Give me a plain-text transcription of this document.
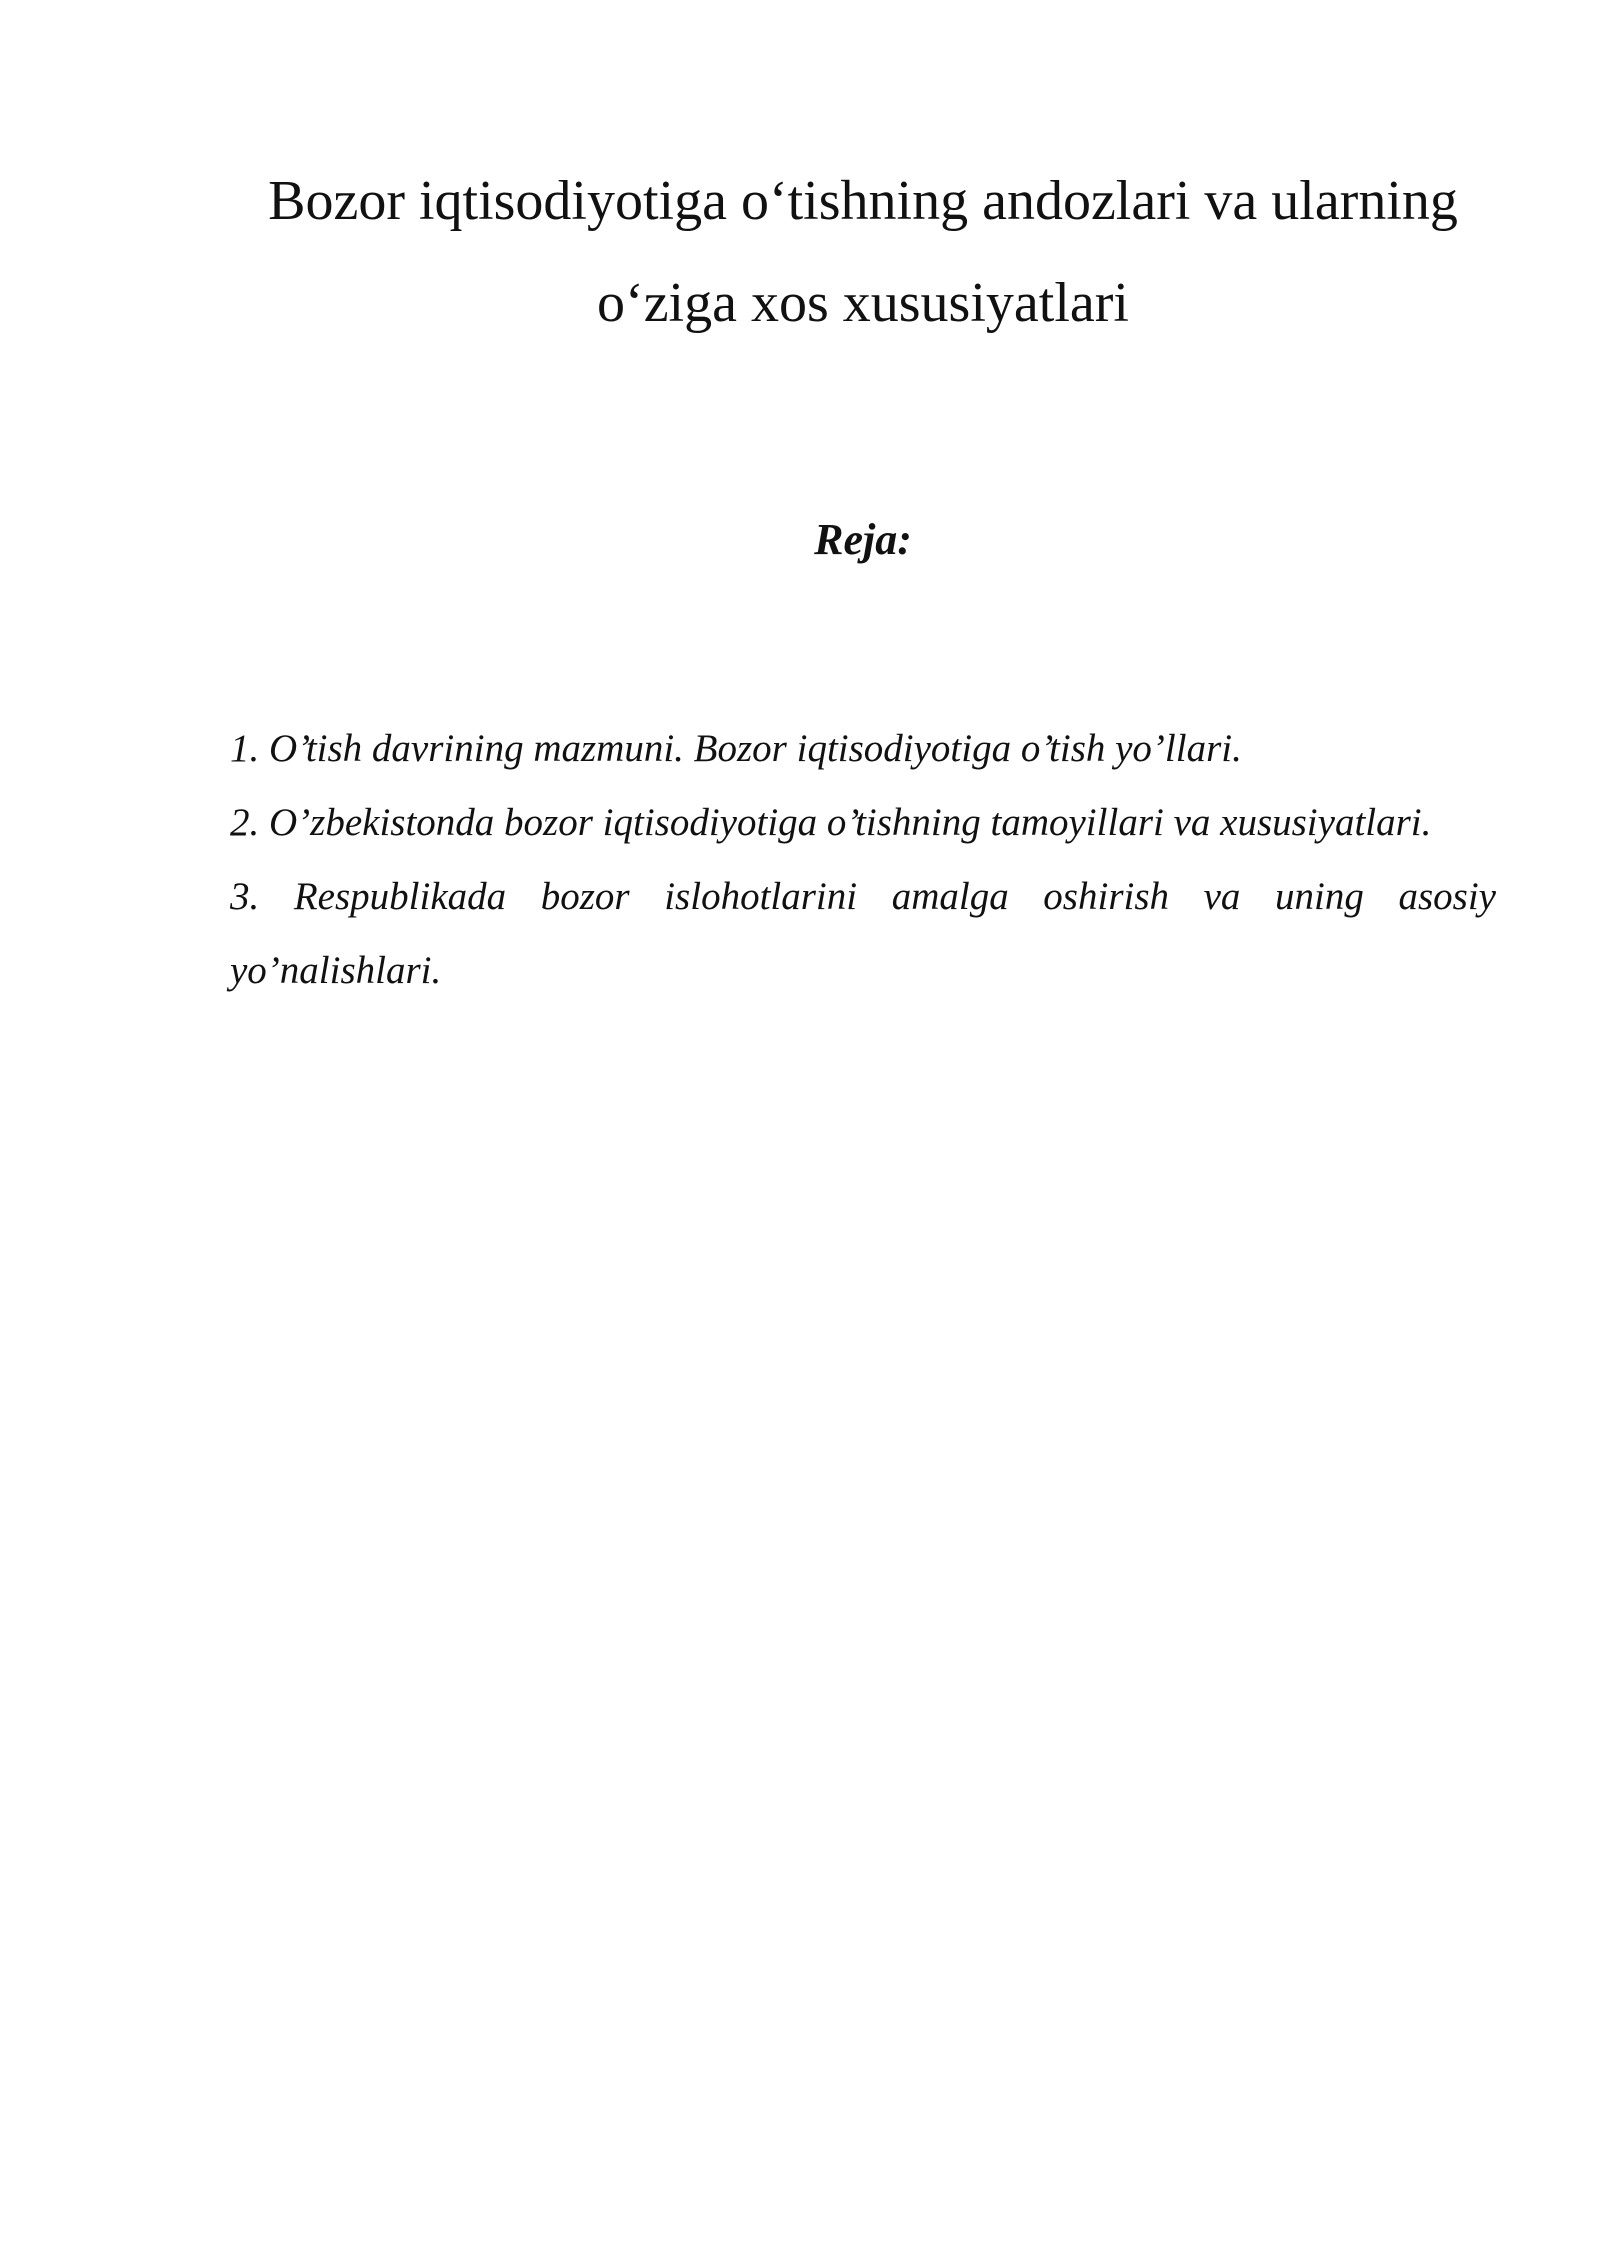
Bozor iqtisodiyotiga o‘tishning andozlari va ularning
o‘ziga xos xususiyatlari

Reja:

1. O’tish davrining mazmuni. Bozor iqtisodiyotiga o’tish yo’llari.
2. O’zbekistonda bozor iqtisodiyotiga o’tishning tamoyillari va xususiyatlari.
3. Respublikada bozor islohotlarini amalga oshirish va uning asosiy yo’nalishlari.
